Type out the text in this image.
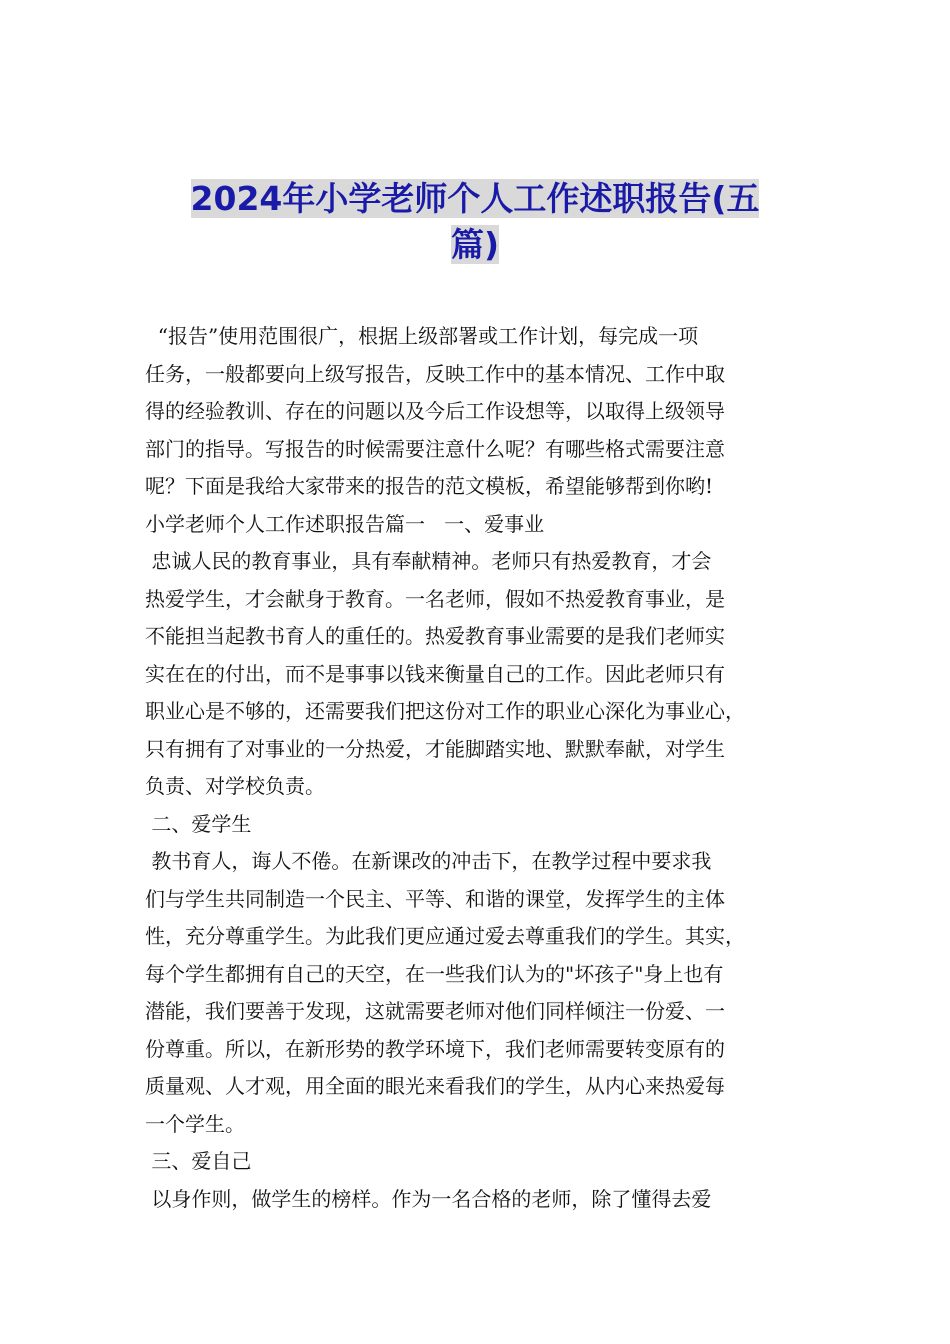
2024年小学老师个人工作述职报告(五
篇)
“报告”使用范围很广，根据上级部署或工作计划，每完成一项
任务，一般都要向上级写报告，反映工作中的基本情况、工作中取
得的经验教训、存在的问题以及今后工作设想等，以取得上级领导
部门的指导。写报告的时候需要注意什么呢？有哪些格式需要注意
呢？下面是我给大家带来的报告的范文模板，希望能够帮到你哟!
小学老师个人工作述职报告篇一   一、爱事业
忠诚人民的教育事业，具有奉献精神。老师只有热爱教育，才会
热爱学生，才会献身于教育。一名老师，假如不热爱教育事业，是
不能担当起教书育人的重任的。热爱教育事业需要的是我们老师实
实在在的付出，而不是事事以钱来衡量自己的工作。因此老师只有
职业心是不够的，还需要我们把这份对工作的职业心深化为事业心，
只有拥有了对事业的一分热爱，才能脚踏实地、默默奉献，对学生
负责、对学校负责。
二、爱学生
教书育人，诲人不倦。在新课改的冲击下，在教学过程中要求我
们与学生共同制造一个民主、平等、和谐的课堂，发挥学生的主体
性，充分尊重学生。为此我们更应通过爱去尊重我们的学生。其实，
每个学生都拥有自己的天空，在一些我们认为的"坏孩子"身上也有
潜能，我们要善于发现，这就需要老师对他们同样倾注一份爱、一
份尊重。所以，在新形势的教学环境下，我们老师需要转变原有的
质量观、人才观，用全面的眼光来看我们的学生，从内心来热爱每
一个学生。
三、爱自己
以身作则，做学生的榜样。作为一名合格的老师，除了懂得去爱
